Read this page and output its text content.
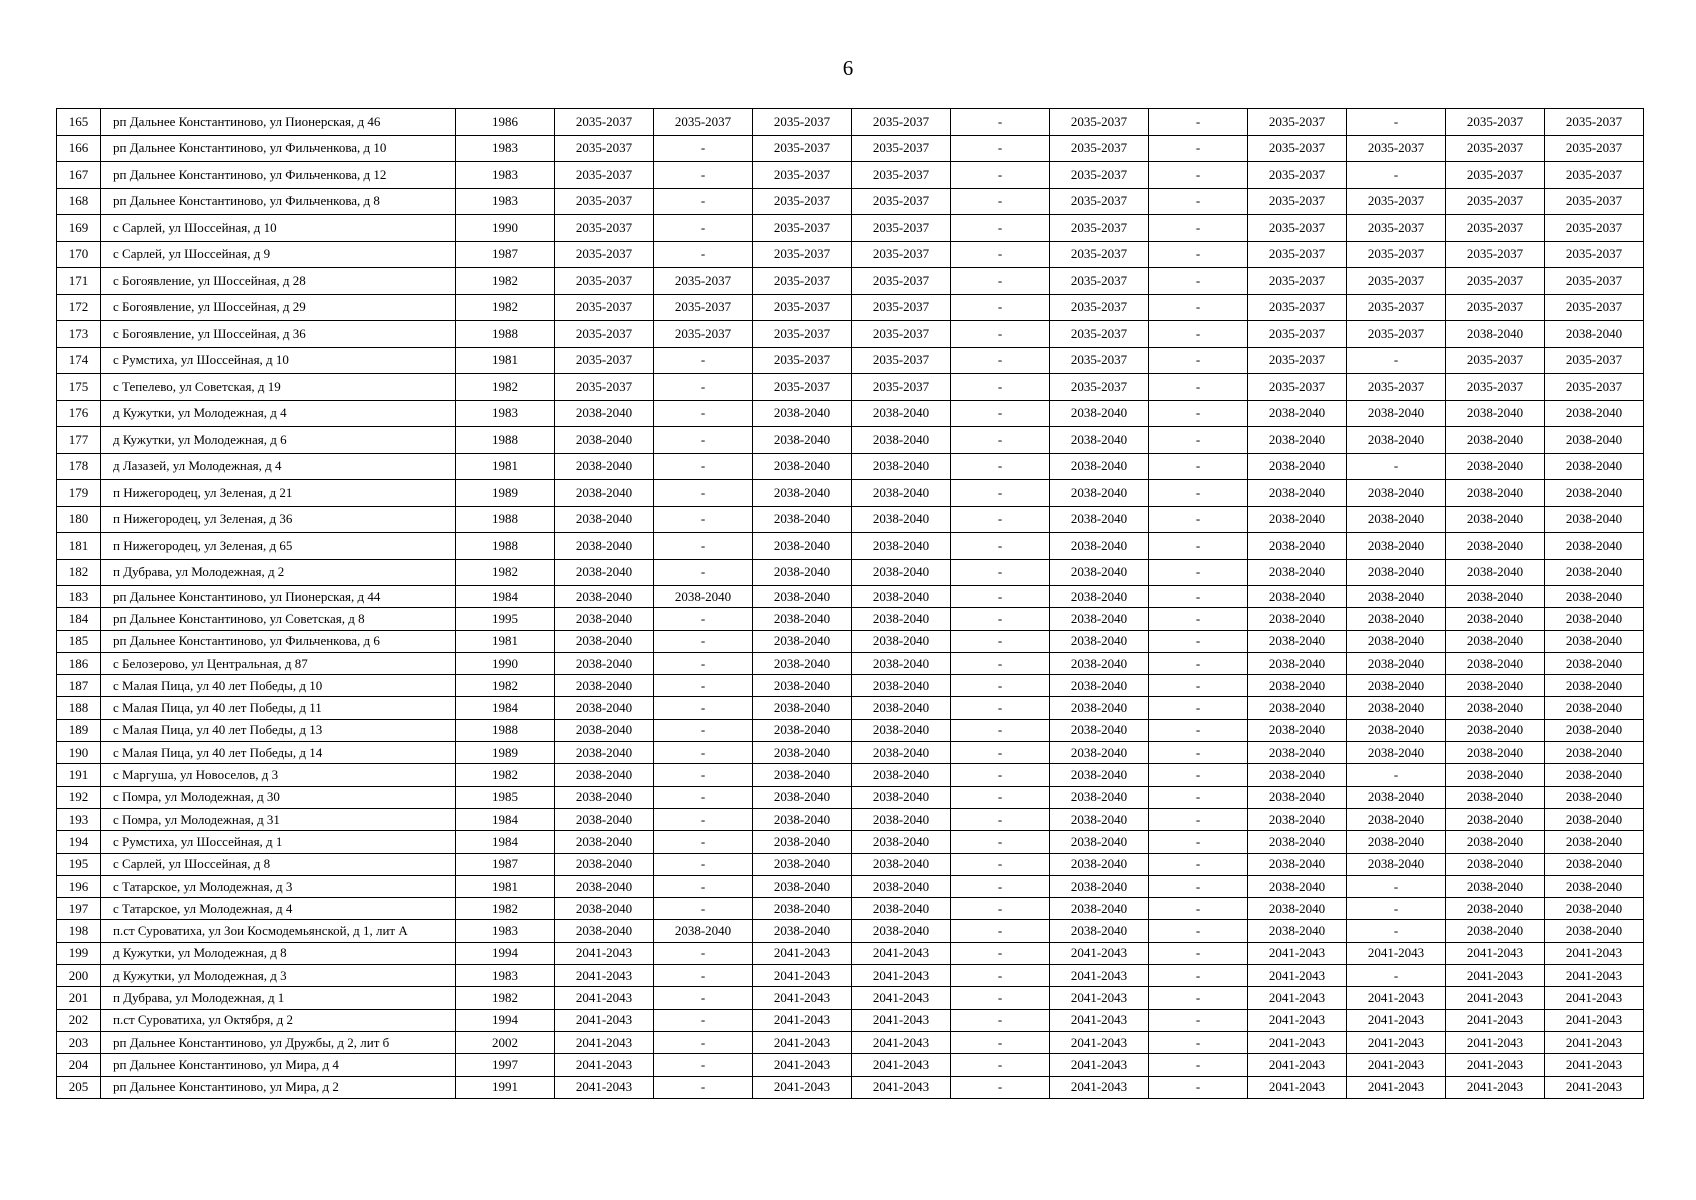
6
165	рп Дальнее Константиново, ул Пионерская, д 46	1986	2035-2037	2035-2037	2035-2037	2035-2037	-	2035-2037	-	2035-2037	-	2035-2037	2035-2037
166	рп Дальнее Константиново, ул Фильченкова, д 10	1983	2035-2037	-	2035-2037	2035-2037	-	2035-2037	-	2035-2037	2035-2037	2035-2037	2035-2037
167	рп Дальнее Константиново, ул Фильченкова, д 12	1983	2035-2037	-	2035-2037	2035-2037	-	2035-2037	-	2035-2037	-	2035-2037	2035-2037
168	рп Дальнее Константиново, ул Фильченкова, д 8	1983	2035-2037	-	2035-2037	2035-2037	-	2035-2037	-	2035-2037	2035-2037	2035-2037	2035-2037
169	с Сарлей, ул Шоссейная, д 10	1990	2035-2037	-	2035-2037	2035-2037	-	2035-2037	-	2035-2037	2035-2037	2035-2037	2035-2037
170	с Сарлей, ул Шоссейная, д 9	1987	2035-2037	-	2035-2037	2035-2037	-	2035-2037	-	2035-2037	2035-2037	2035-2037	2035-2037
171	с Богоявление, ул Шоссейная, д 28	1982	2035-2037	2035-2037	2035-2037	2035-2037	-	2035-2037	-	2035-2037	2035-2037	2035-2037	2035-2037
172	с Богоявление, ул Шоссейная, д 29	1982	2035-2037	2035-2037	2035-2037	2035-2037	-	2035-2037	-	2035-2037	2035-2037	2035-2037	2035-2037
173	с Богоявление, ул Шоссейная, д 36	1988	2035-2037	2035-2037	2035-2037	2035-2037	-	2035-2037	-	2035-2037	2035-2037	2038-2040	2038-2040
174	с Румстиха, ул Шоссейная, д 10	1981	2035-2037	-	2035-2037	2035-2037	-	2035-2037	-	2035-2037	-	2035-2037	2035-2037
175	с Тепелево, ул Советская, д 19	1982	2035-2037	-	2035-2037	2035-2037	-	2035-2037	-	2035-2037	2035-2037	2035-2037	2035-2037
176	д Кужутки, ул Молодежная, д 4	1983	2038-2040	-	2038-2040	2038-2040	-	2038-2040	-	2038-2040	2038-2040	2038-2040	2038-2040
177	д Кужутки, ул Молодежная, д 6	1988	2038-2040	-	2038-2040	2038-2040	-	2038-2040	-	2038-2040	2038-2040	2038-2040	2038-2040
178	д Лазазей, ул Молодежная, д 4	1981	2038-2040	-	2038-2040	2038-2040	-	2038-2040	-	2038-2040	-	2038-2040	2038-2040
179	п Нижегородец, ул Зеленая, д 21	1989	2038-2040	-	2038-2040	2038-2040	-	2038-2040	-	2038-2040	2038-2040	2038-2040	2038-2040
180	п Нижегородец, ул Зеленая, д 36	1988	2038-2040	-	2038-2040	2038-2040	-	2038-2040	-	2038-2040	2038-2040	2038-2040	2038-2040
181	п Нижегородец, ул Зеленая, д 65	1988	2038-2040	-	2038-2040	2038-2040	-	2038-2040	-	2038-2040	2038-2040	2038-2040	2038-2040
182	п Дубрава, ул Молодежная, д 2	1982	2038-2040	-	2038-2040	2038-2040	-	2038-2040	-	2038-2040	2038-2040	2038-2040	2038-2040
183	рп Дальнее Константиново, ул Пионерская, д 44	1984	2038-2040	2038-2040	2038-2040	2038-2040	-	2038-2040	-	2038-2040	2038-2040	2038-2040	2038-2040
184	рп Дальнее Константиново, ул Советская, д 8	1995	2038-2040	-	2038-2040	2038-2040	-	2038-2040	-	2038-2040	2038-2040	2038-2040	2038-2040
185	рп Дальнее Константиново, ул Фильченкова, д 6	1981	2038-2040	-	2038-2040	2038-2040	-	2038-2040	-	2038-2040	2038-2040	2038-2040	2038-2040
186	с Белозерово, ул Центральная, д 87	1990	2038-2040	-	2038-2040	2038-2040	-	2038-2040	-	2038-2040	2038-2040	2038-2040	2038-2040
187	с Малая Пица, ул 40 лет Победы, д 10	1982	2038-2040	-	2038-2040	2038-2040	-	2038-2040	-	2038-2040	2038-2040	2038-2040	2038-2040
188	с Малая Пица, ул 40 лет Победы, д 11	1984	2038-2040	-	2038-2040	2038-2040	-	2038-2040	-	2038-2040	2038-2040	2038-2040	2038-2040
189	с Малая Пица, ул 40 лет Победы, д 13	1988	2038-2040	-	2038-2040	2038-2040	-	2038-2040	-	2038-2040	2038-2040	2038-2040	2038-2040
190	с Малая Пица, ул 40 лет Победы, д 14	1989	2038-2040	-	2038-2040	2038-2040	-	2038-2040	-	2038-2040	2038-2040	2038-2040	2038-2040
191	с Маргуша, ул Новоселов, д 3	1982	2038-2040	-	2038-2040	2038-2040	-	2038-2040	-	2038-2040	-	2038-2040	2038-2040
192	с Помра, ул Молодежная, д 30	1985	2038-2040	-	2038-2040	2038-2040	-	2038-2040	-	2038-2040	2038-2040	2038-2040	2038-2040
193	с Помра, ул Молодежная, д 31	1984	2038-2040	-	2038-2040	2038-2040	-	2038-2040	-	2038-2040	2038-2040	2038-2040	2038-2040
194	с Румстиха, ул Шоссейная, д 1	1984	2038-2040	-	2038-2040	2038-2040	-	2038-2040	-	2038-2040	2038-2040	2038-2040	2038-2040
195	с Сарлей, ул Шоссейная, д 8	1987	2038-2040	-	2038-2040	2038-2040	-	2038-2040	-	2038-2040	2038-2040	2038-2040	2038-2040
196	с Татарское, ул Молодежная, д 3	1981	2038-2040	-	2038-2040	2038-2040	-	2038-2040	-	2038-2040	-	2038-2040	2038-2040
197	с Татарское, ул Молодежная, д 4	1982	2038-2040	-	2038-2040	2038-2040	-	2038-2040	-	2038-2040	-	2038-2040	2038-2040
198	п.ст Суроватиха, ул Зои Космодемьянской, д 1, лит А	1983	2038-2040	2038-2040	2038-2040	2038-2040	-	2038-2040	-	2038-2040	-	2038-2040	2038-2040
199	д Кужутки, ул Молодежная, д 8	1994	2041-2043	-	2041-2043	2041-2043	-	2041-2043	-	2041-2043	2041-2043	2041-2043	2041-2043
200	д Кужутки, ул Молодежная, д 3	1983	2041-2043	-	2041-2043	2041-2043	-	2041-2043	-	2041-2043	-	2041-2043	2041-2043
201	п Дубрава, ул Молодежная, д 1	1982	2041-2043	-	2041-2043	2041-2043	-	2041-2043	-	2041-2043	2041-2043	2041-2043	2041-2043
202	п.ст Суроватиха, ул Октября, д 2	1994	2041-2043	-	2041-2043	2041-2043	-	2041-2043	-	2041-2043	2041-2043	2041-2043	2041-2043
203	рп Дальнее Константиново, ул Дружбы, д 2, лит б	2002	2041-2043	-	2041-2043	2041-2043	-	2041-2043	-	2041-2043	2041-2043	2041-2043	2041-2043
204	рп Дальнее Константиново, ул Мира, д 4	1997	2041-2043	-	2041-2043	2041-2043	-	2041-2043	-	2041-2043	2041-2043	2041-2043	2041-2043
205	рп Дальнее Константиново, ул Мира, д 2	1991	2041-2043	-	2041-2043	2041-2043	-	2041-2043	-	2041-2043	2041-2043	2041-2043	2041-2043
